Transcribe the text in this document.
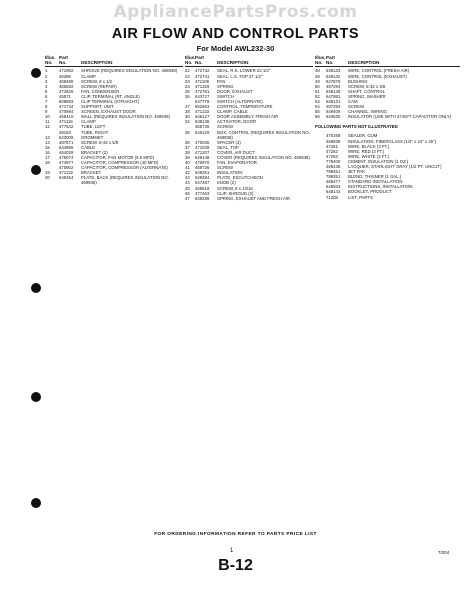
AppliancePartsPros.com
AIR FLOW AND CONTROL PARTS
For Model AWL232-30
Illus.
No.
Part
No.	DESCRIPTION
1	471982	SHROUD (REQUIRES INSULATION NO. 469938)
2	45396	CLAMP
3	469480	SCREW, 8 x 1/2
4	486682	SCREW (REPAIR)
5	474826	FAN, CONDENSER
6	45571	CLIP, TERMINAL (RT. ANGLE)
7	809883	CLIP TERMINAL (STRAIGHT)
8	471734	SUPPORT, UNIT
9	470984	SCREEN, EXHAUST DOOR
10	469410	WALL (REQUIRES INSULATION NO. 469938)
11	471118	CLAMP
12	477542	TUBE, LEFT
49183	TUBE, RIGHT
13	643009	GROMMET
14	487871	SCREW, 8-32 x 5/8
15	644965	CABLE
16	464029	BRACKET (2)
17	475074	CAPACITOR, FAN MOTOR (5.0 MFD)
18	474977	CAPACITOR, COMPRESSOR (40 MFD)
475902	CAPACITOR, COMPRESSOR (ALTERNATE)
19	471132	BRACKET
20	649454	PLATE, BACK (REQUIRES INSULATION NO. 469938)
Illus.
No.
Part
No.	DESCRIPTION
22	472742	SEAL, R.S. LOWER 23 1/2"
23	472741	SEAL, L.S. TOP 27 1/2"
23	471109	PAN
24	471329	SPRING
25	472781	DOOR, EXHAUST
26	643727	SWITCH
647778	SWITCH (ALTERNATE)
27	652563	CONTROL, TEMPERATURE
28	471133	CLAMP, CABLE
30	646127	DOOR ASSEMBLY, FRESH AIR
32	648136	ACTIVATOR, DOOR
468735	SCREW
35	646129	BOX, CONTROL (REQUIRES INSULATION NO. 469938)
36	470036	SPACER (3)
37	471039	SEAL, TOP
38	471207	COVER, AIR DUCT
39	648148	COVER (REQUIRES INSULATION NO. 469938)
40	470970	FAN, EVAPORATOR
41	468736	SCREW
42	648251	INSULATION
43	649284	PLATE, ESCUTCHEON
44	647487	KNOB (2)
45	468518	SCREW, 8 x 13/16
46	477463	CLIP, SHROUD (2)
47	649285	SPRING, EXHAUST AND FRESH AIR
Illus.
No.
Part
No.	DESCRIPTION
48	648133	WIRE, CONTROL (FRESH AIR)
49	648132	WIRE, CONTROL (EXHAUST)
49	647879	BUSHING
50	487294	SCREW, 8-32 x 3/8
51	648139	SHAFT, CONTROL
52	647881	SPRING, WASHER
53	648131	CAM
54	487293	SCREW
55	649408	CHANNEL, WIRING
56	643630	INSULATOR (USE WITH 474977 CAPACITOR ONLY)
FOLLOWING PARTS NOT ILLUSTRATED
470168	SEALER, GUM
469938	INSULATION, FIBERGLASS (1/4" x 24" x 45")
47261	WIRE, BLACK (3 FT.)
47262	WIRE, RED (3 FT.)
47263	WIRE, WHITE (3 FT.)
779400	CEMENT, INSULATION (1 OZ.)
485436	LACQUER, STARLIGHT GRAY (1/2 PT. UNCUT)
799451	JET PAK
799351	BLEND, THINNER (1 GAL.)
485477	STANDARD INSTALLATION
645933	INSTRUCTIONS, INSTALLATION
648143	BOOKLET, PRODUCT
71208	LIST, PARTS
FOR ORDERING INFORMATION REFER TO PARTS PRICE LIST
1	7/204
B-12
